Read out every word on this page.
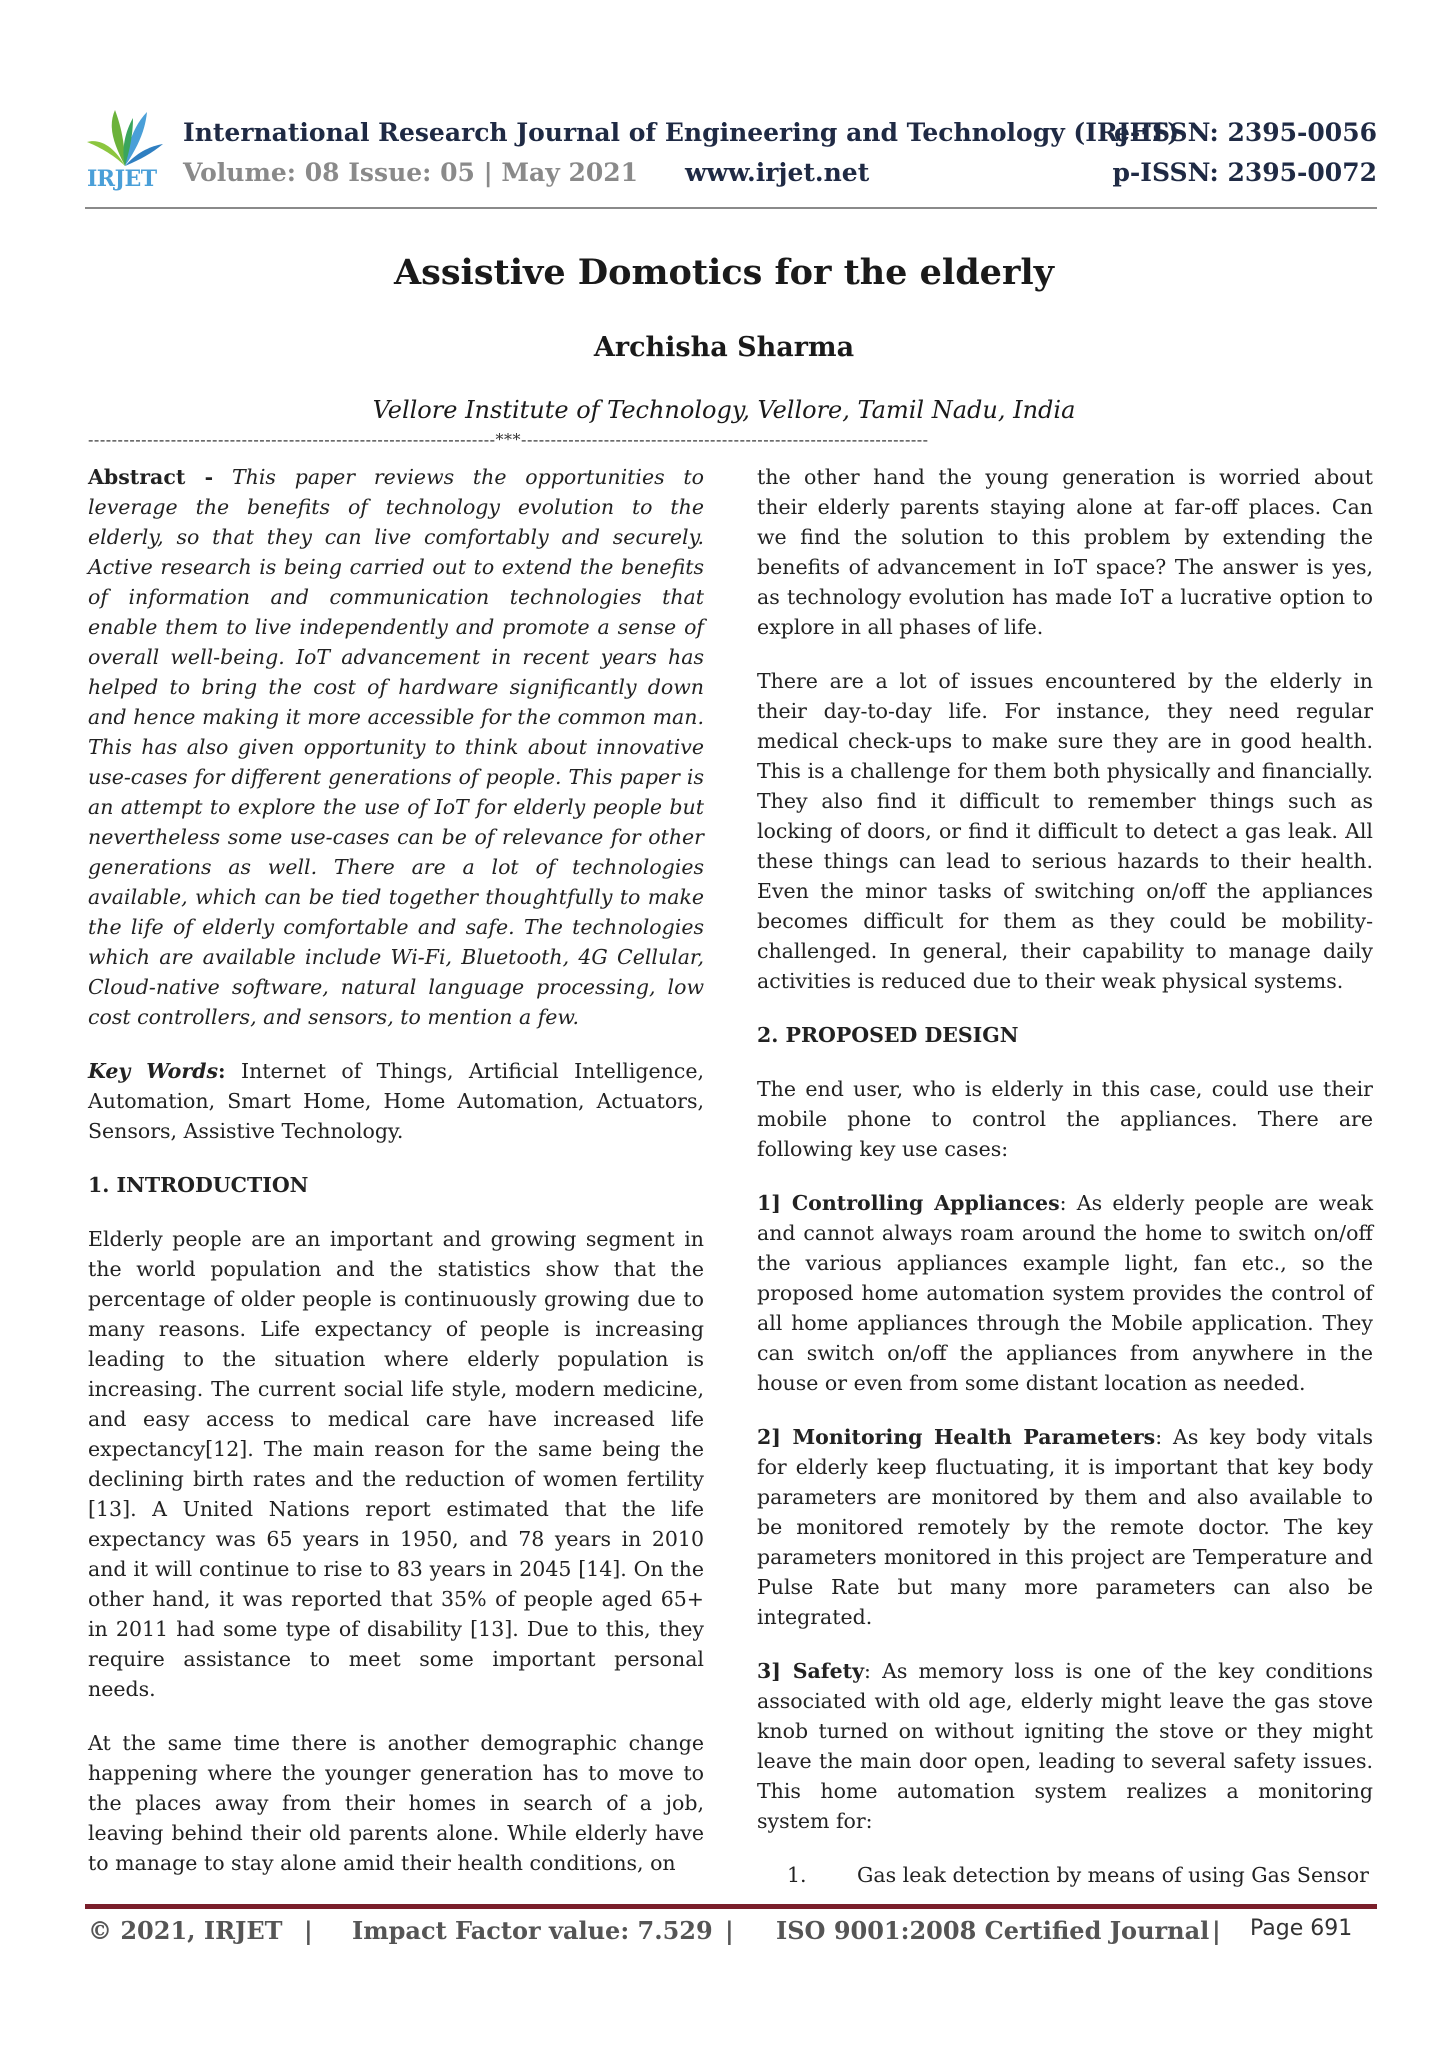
IRJET
International Research Journal of Engineering and Technology (IRJET)
e-ISSN: 2395-0056
Volume: 08 Issue: 05 | May 2021 www.irjet.net	p-ISSN: 2395-0072
Assistive Domotics for the elderly
Archisha Sharma
Vellore Institute of Technology, Vellore, Tamil Nadu, India
---------------------------------------------------------------------***---------------------------------------------------------------------

Abstract - This paper reviews the opportunities to leverage the benefits of technology evolution to the elderly, so that they can live comfortably and securely. Active research is being carried out to extend the benefits of information and communication technologies that enable them to live independently and promote a sense of overall well-being. IoT advancement in recent years has helped to bring the cost of hardware significantly down and hence making it more accessible for the common man. This has also given opportunity to think about innovative use-cases for different generations of people. This paper is an attempt to explore the use of IoT for elderly people but nevertheless some use-cases can be of relevance for other generations as well. There are a lot of technologies available, which can be tied together thoughtfully to make the life of elderly comfortable and safe. The technologies which are available include Wi-Fi, Bluetooth, 4G Cellular, Cloud-native software, natural language processing, low cost controllers, and sensors, to mention a few.

Key Words: Internet of Things, Artificial Intelligence, Automation, Smart Home, Home Automation, Actuators, Sensors, Assistive Technology.

1. INTRODUCTION

Elderly people are an important and growing segment in the world population and the statistics show that the percentage of older people is continuously growing due to many reasons. Life expectancy of people is increasing leading to the situation where elderly population is increasing. The current social life style, modern medicine, and easy access to medical care have increased life expectancy[12]. The main reason for the same being the declining birth rates and the reduction of women fertility [13]. A United Nations report estimated that the life expectancy was 65 years in 1950, and 78 years in 2010 and it will continue to rise to 83 years in 2045 [14]. On the other hand, it was reported that 35% of people aged 65+ in 2011 had some type of disability [13]. Due to this, they require assistance to meet some important personal needs.

At the same time there is another demographic change happening where the younger generation has to move to the places away from their homes in search of a job, leaving behind their old parents alone. While elderly have to manage to stay alone amid their health conditions, on

the other hand the young generation is worried about their elderly parents staying alone at far-off places. Can we find the solution to this problem by extending the benefits of advancement in IoT space? The answer is yes, as technology evolution has made IoT a lucrative option to explore in all phases of life.

There are a lot of issues encountered by the elderly in their day-to-day life. For instance, they need regular medical check-ups to make sure they are in good health. This is a challenge for them both physically and financially. They also find it difficult to remember things such as locking of doors, or find it difficult to detect a gas leak. All these things can lead to serious hazards to their health. Even the minor tasks of switching on/off the appliances becomes difficult for them as they could be mobility-challenged. In general, their capability to manage daily activities is reduced due to their weak physical systems.

2. PROPOSED DESIGN

The end user, who is elderly in this case, could use their mobile phone to control the appliances. There are following key use cases:

1] Controlling Appliances: As elderly people are weak and cannot always roam around the home to switch on/off the various appliances example light, fan etc., so the proposed home automation system provides the control of all home appliances through the Mobile application. They can switch on/off the appliances from anywhere in the house or even from some distant location as needed.

2] Monitoring Health Parameters: As key body vitals for elderly keep fluctuating, it is important that key body parameters are monitored by them and also available to be monitored remotely by the remote doctor. The key parameters monitored in this project are Temperature and Pulse Rate but many more parameters can also be integrated.

3] Safety: As memory loss is one of the key conditions associated with old age, elderly might leave the gas stove knob turned on without igniting the stove or they might leave the main door open, leading to several safety issues. This home automation system realizes a monitoring system for:

1. Gas leak detection by means of using Gas Sensor
© 2021, IRJET | Impact Factor value: 7.529 | ISO 9001:2008 Certified Journal | Page 691
